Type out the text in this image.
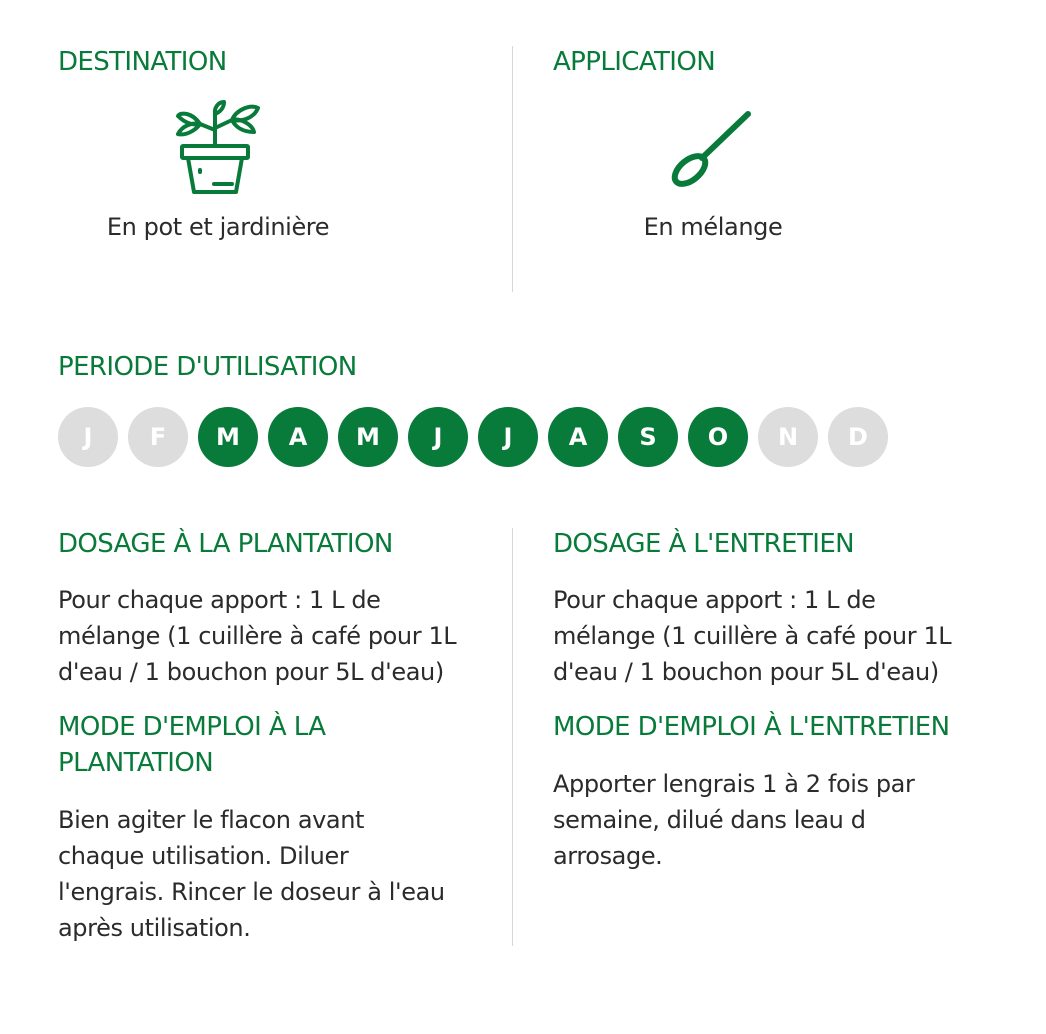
DESTINATION
En pot et jardinière
APPLICATION
En mélange
PERIODE D'UTILISATION
J	F	M	A	M	J	J	A	S	O	N	D
DOSAGE À LA PLANTATION

Pour chaque apport : 1 L de

mélange (1 cuillère à café pour 1L

d'eau / 1 bouchon pour 5L d'eau)

MODE D'EMPLOI À LA

PLANTATION

Bien agiter le flacon avant

chaque utilisation. Diluer

l'engrais. Rincer le doseur à l'eau

après utilisation.

DOSAGE À L'ENTRETIEN

Pour chaque apport : 1 L de

mélange (1 cuillère à café pour 1L

d'eau / 1 bouchon pour 5L d'eau)

MODE D'EMPLOI À L'ENTRETIEN

Apporter lengrais 1 à 2 fois par

semaine, dilué dans leau d

arrosage.
